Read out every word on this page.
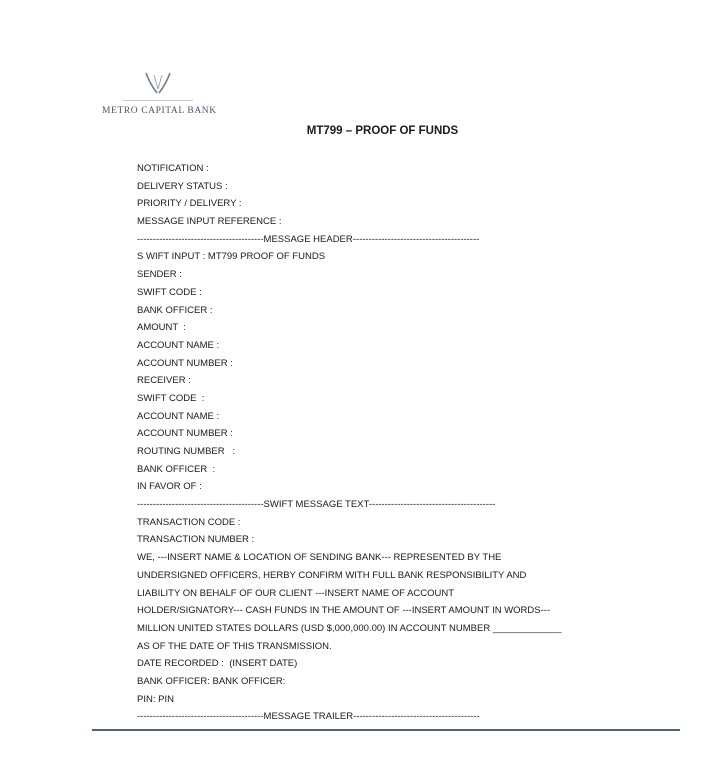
METRO CAPITAL BANK
MT799 – PROOF OF FUNDS
NOTIFICATION :
DELIVERY STATUS :
PRIORITY / DELIVERY :
MESSAGE INPUT REFERENCE :
----------------------------------------MESSAGE HEADER----------------------------------------
S WIFT INPUT : MT799 PROOF OF FUNDS
SENDER :
SWIFT CODE :
BANK OFFICER :
AMOUNT  :
ACCOUNT NAME :
ACCOUNT NUMBER :
RECEIVER :
SWIFT CODE  :
ACCOUNT NAME :
ACCOUNT NUMBER :
ROUTING NUMBER   :
BANK OFFICER  :
IN FAVOR OF :
----------------------------------------SWIFT MESSAGE TEXT----------------------------------------
TRANSACTION CODE :
TRANSACTION NUMBER :
WE, ---INSERT NAME & LOCATION OF SENDING BANK--- REPRESENTED BY THE
UNDERSIGNED OFFICERS, HERBY CONFIRM WITH FULL BANK RESPONSIBILITY AND
LIABILITY ON BEHALF OF OUR CLIENT ---INSERT NAME OF ACCOUNT
HOLDER/SIGNATORY--- CASH FUNDS IN THE AMOUNT OF ---INSERT AMOUNT IN WORDS---
MILLION UNITED STATES DOLLARS (USD $,000,000.00) IN ACCOUNT NUMBER _____________
AS OF THE DATE OF THIS TRANSMISSION.
DATE RECORDED :  (INSERT DATE)
BANK OFFICER: BANK OFFICER:
PIN: PIN
----------------------------------------MESSAGE TRAILER----------------------------------------
